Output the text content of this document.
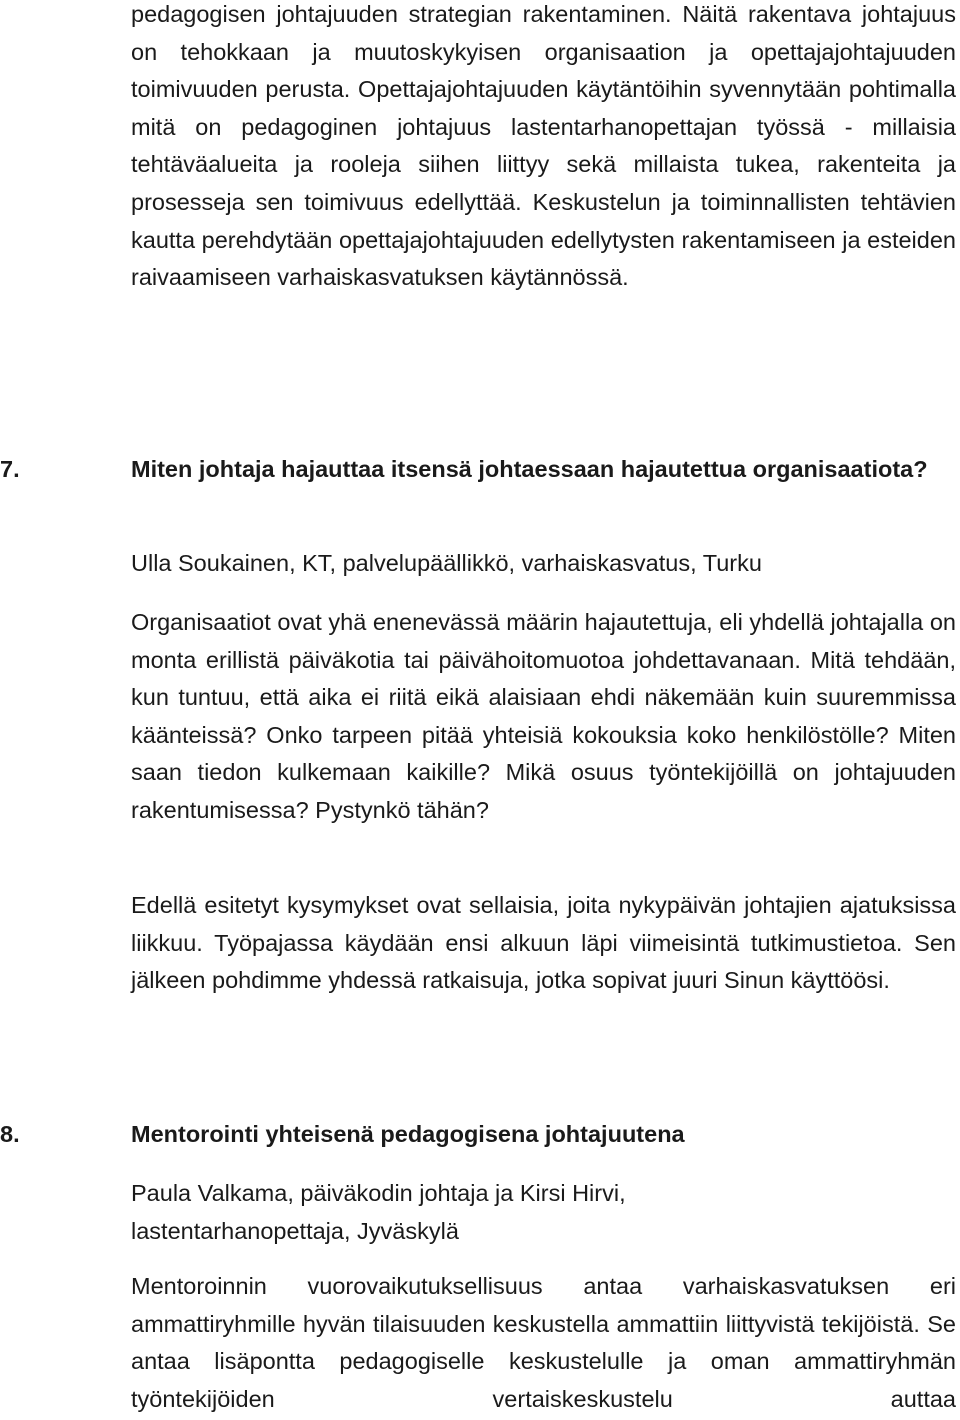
pedagogisen johtajuuden strategian rakentaminen. Näitä rakentava johtajuus on tehokkaan ja muutoskykyisen organisaation ja opettajajohtajuuden toimivuuden perusta. Opettajajohtajuuden käytäntöihin syvennytään pohtimalla mitä on pedagoginen johtajuus lastentarhanopettajan työssä - millaisia tehtäväalueita ja rooleja siihen liittyy sekä millaista tukea, rakenteita ja prosesseja sen toimivuus edellyttää. Keskustelun ja toiminnallisten tehtävien kautta perehdytään opettajajohtajuuden edellytysten rakentamiseen ja esteiden raivaamiseen varhaiskasvatuksen käytännössä.

7.	Miten johtaja hajauttaa itsensä johtaessaan hajautettua organisaatiota?

Ulla Soukainen, KT, palvelupäällikkö, varhaiskasvatus, Turku

Organisaatiot ovat yhä enenevässä määrin hajautettuja, eli yhdellä johtajalla on monta erillistä päiväkotia tai päivähoitomuotoa johdettavanaan. Mitä tehdään, kun tuntuu, että aika ei riitä eikä alaisiaan ehdi näkemään kuin suuremmissa käänteissä? Onko tarpeen pitää yhteisiä kokouksia koko henkilöstölle? Miten saan tiedon kulkemaan kaikille? Mikä osuus työntekijöillä on johtajuuden rakentumisessa? Pystynkö tähän?

Edellä esitetyt kysymykset ovat sellaisia, joita nykypäivän johtajien ajatuksissa liikkuu. Työpajassa käydään ensi alkuun läpi viimeisintä tutkimustietoa. Sen jälkeen pohdimme yhdessä ratkaisuja, jotka sopivat juuri Sinun käyttöösi.

8.	Mentorointi yhteisenä pedagogisena johtajuutena
Paula Valkama, päiväkodin johtaja ja Kirsi Hirvi,
lastentarhanopettaja, Jyväskylä

Mentoroinnin vuorovaikutuksellisuus antaa varhaiskasvatuksen eri ammattiryhmille hyvän tilaisuuden keskustella ammattiin liittyvistä tekijöistä. Se antaa lisäpontta pedagogiselle keskustelulle ja oman ammattiryhmän työntekijöiden vertaiskeskustelu auttaa
